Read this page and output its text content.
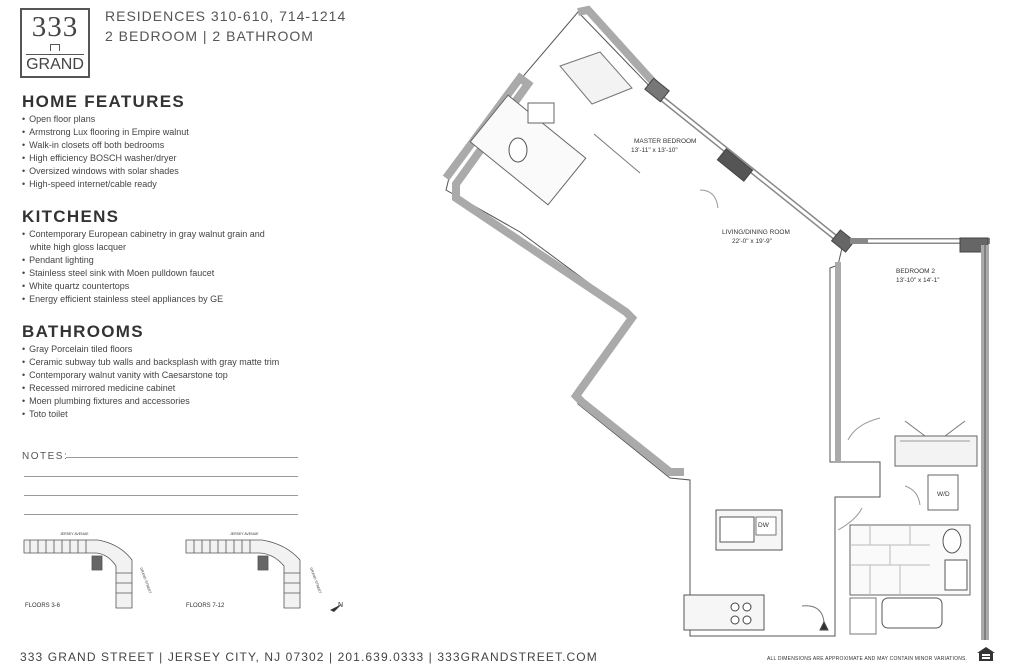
333
GRAND
RESIDENCES 310-610, 714-1214
2 BEDROOM | 2 BATHROOM
HOME FEATURES
• Open floor plans
• Armstrong Lux flooring in Empire walnut
• Walk-in closets off both bedrooms
• High efficiency BOSCH washer/dryer
• Oversized windows with solar shades
• High-speed internet/cable ready
KITCHENS
• Contemporary European cabinetry in gray walnut grain and
white high gloss lacquer
• Pendant lighting
• Stainless steel sink with Moen pulldown faucet
• White quartz countertops
• Energy efficient stainless steel appliances by GE
BATHROOMS
• Gray Porcelain tiled floors
• Ceramic subway tub walls and backsplash with gray matte trim
• Contemporary walnut vanity with Caesarstone top
• Recessed mirrored medicine cabinet
• Moen plumbing fixtures and accessories
• Toto toilet
NOTES:
JERSEY AVENUE
GRAND STREET
JERSEY AVENUE
GRAND STREET
N
FLOORS 3-6	FLOORS 7-12
MASTER BEDROOM
13'-11" x 13'-10"
LIVING/DINING ROOM
22'-0" x 19'-9"
BEDROOM 2
13'-10" x 14'-1"
W/D
DW
333 GRAND STREET | JERSEY CITY, NJ 07302 | 201.639.0333 | 333GRANDSTREET.COM	ALL DIMENSIONS ARE APPROXIMATE AND MAY CONTAIN MINOR VARIATIONS.
